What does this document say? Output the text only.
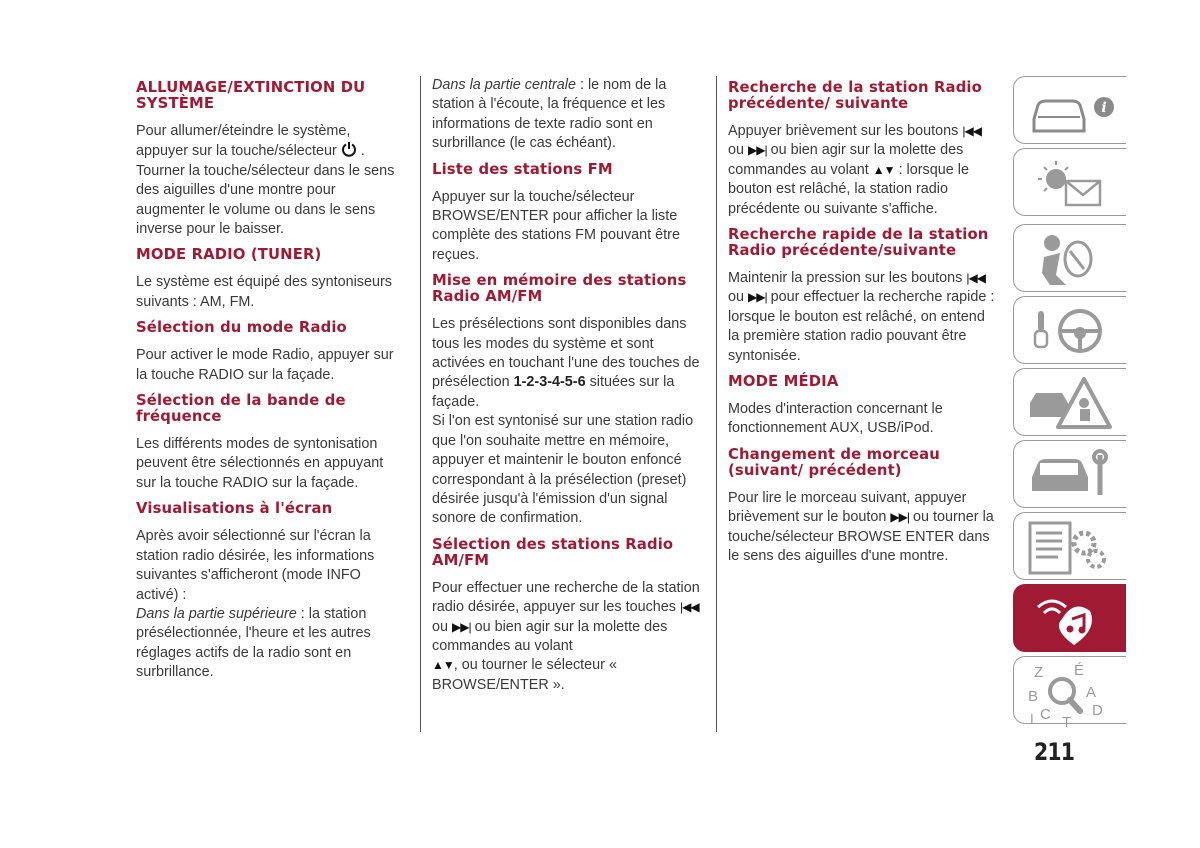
ALLUMAGE/EXTINCTION DU SYSTÈME

Pour allumer/éteindre le système, appuyer sur la touche/sélecteur . Tourner la touche/sélecteur dans le sens des aiguilles d'une montre pour augmenter le volume ou dans le sens inverse pour le baisser.

MODE RADIO (TUNER)

Le système est équipé des syntoniseurs suivants : AM, FM.

Sélection du mode Radio

Pour activer le mode Radio, appuyer sur la touche RADIO sur la façade.

Sélection de la bande de fréquence

Les différents modes de syntonisation peuvent être sélectionnés en appuyant sur la touche RADIO sur la façade.

Visualisations à l'écran

Après avoir sélectionné sur l'écran la station radio désirée, les informations suivantes s'afficheront (mode INFO activé) :
Dans la partie supérieure : la station présélectionnée, l'heure et les autres réglages actifs de la radio sont en surbrillance.

Dans la partie centrale : le nom de la station à l'écoute, la fréquence et les informations de texte radio sont en surbrillance (le cas échéant).

Liste des stations FM

Appuyer sur la touche/sélecteur BROWSE/ENTER pour afficher la liste complète des stations FM pouvant être reçues.

Mise en mémoire des stations Radio AM/FM

Les présélections sont disponibles dans tous les modes du système et sont activées en touchant l'une des touches de présélection 1-2-3-4-5-6 situées sur la façade.

Si l'on est syntonisé sur une station radio que l'on souhaite mettre en mémoire, appuyer et maintenir le bouton enfoncé correspondant à la présélection (preset) désirée jusqu'à l'émission d'un signal sonore de confirmation.

Sélection des stations Radio AM/FM

Pour effectuer une recherche de la station radio désirée, appuyer sur les touches |◀◀ ou ▶▶| ou bien agir sur la molette des commandes au volant
▲▼, ou tourner le sélecteur « BROWSE/ENTER ».

Recherche de la station Radio précédente/ suivante

Appuyer brièvement sur les boutons |◀◀ ou ▶▶| ou bien agir sur la molette des commandes au volant ▲▼ : lorsque le bouton est relâché, la station radio précédente ou suivante s'affiche.

Recherche rapide de la station Radio précédente/suivante

Maintenir la pression sur les boutons |◀◀ ou ▶▶| pour effectuer la recherche rapide : lorsque le bouton est relâché, on entend la première station radio pouvant être syntonisée.

MODE MÉDIA

Modes d'interaction concernant le fonctionnement AUX, USB/iPod.

Changement de morceau (suivant/ précédent)

Pour lire le morceau suivant, appuyer brièvement sur le bouton ▶▶| ou tourner la touche/sélecteur BROWSE ENTER dans le sens des aiguilles d'une montre.

i
Z É
B	A
C T
D
I
211
